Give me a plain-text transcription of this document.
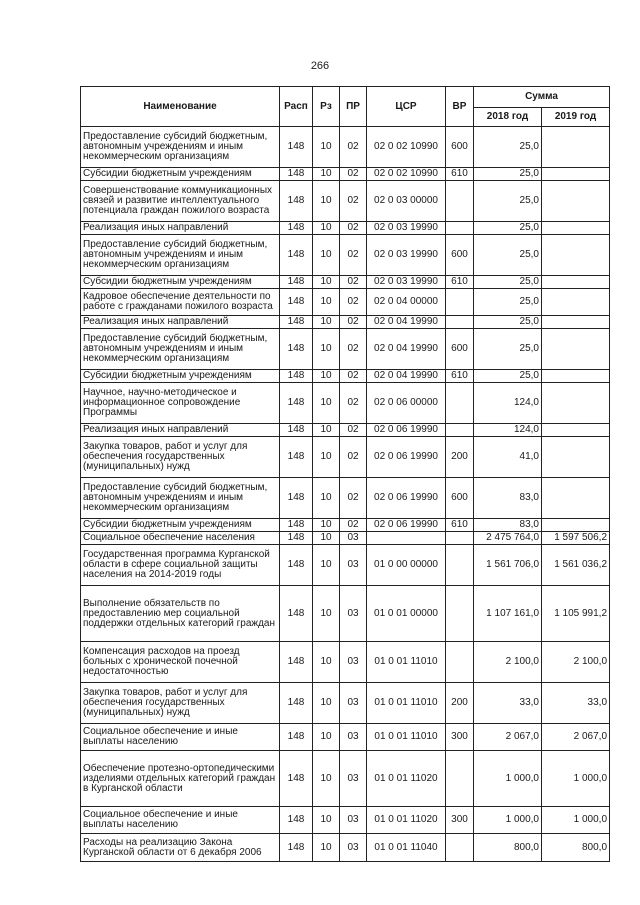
266
Наименование	Расп	Рз	ПР	ЦСР	ВР	Сумма	
						2018 год	2019 год
Предоставление субсидий бюджетным, автономным учреждениям и иным некоммерческим организациям	148	10	02	02 0 02 10990	600	25,0	
Субсидии бюджетным учреждениям	148	10	02	02 0 02 10990	610	25,0	
Совершенствование коммуникационных связей и развитие интеллектуального потенциала граждан пожилого возраста	148	10	02	02 0 03 00000		25,0	
Реализация иных направлений	148	10	02	02 0 03 19990		25,0	
Предоставление субсидий бюджетным, автономным учреждениям и иным некоммерческим организациям	148	10	02	02 0 03 19990	600	25,0	
Субсидии бюджетным учреждениям	148	10	02	02 0 03 19990	610	25,0	
Кадровое обеспечение деятельности по работе с гражданами пожилого возраста	148	10	02	02 0 04 00000		25,0	
Реализация иных направлений	148	10	02	02 0 04 19990		25,0	
Предоставление субсидий бюджетным, автономным учреждениям и иным некоммерческим организациям	148	10	02	02 0 04 19990	600	25,0	
Субсидии бюджетным учреждениям	148	10	02	02 0 04 19990	610	25,0	
Научное, научно-методическое и информационное сопровождение Программы	148	10	02	02 0 06 00000		124,0	
Реализация иных направлений	148	10	02	02 0 06 19990		124,0	
Закупка товаров, работ и услуг для обеспечения государственных (муниципальных) нужд	148	10	02	02 0 06 19990	200	41,0	
Предоставление субсидий бюджетным, автономным учреждениям и иным некоммерческим организациям	148	10	02	02 0 06 19990	600	83,0	
Субсидии бюджетным учреждениям	148	10	02	02 0 06 19990	610	83,0	
Социальное обеспечение населения	148	10	03			2 475 764,0	1 597 506,2
Государственная программа Курганской области в сфере социальной защиты населения на 2014-2019 годы	148	10	03	01 0 00 00000		1 561 706,0	1 561 036,2
Выполнение обязательств по предоставлению мер социальной поддержки отдельных категорий граждан	148	10	03	01 0 01 00000		1 107 161,0	1 105 991,2
Компенсация расходов на проезд больных с хронической почечной недостаточностью	148	10	03	01 0 01 11010		2 100,0	2 100,0
Закупка товаров, работ и услуг для обеспечения государственных (муниципальных) нужд	148	10	03	01 0 01 11010	200	33,0	33,0
Социальное обеспечение и иные выплаты населению	148	10	03	01 0 01 11010	300	2 067,0	2 067,0
Обеспечение протезно-ортопедическими изделиями отдельных категорий граждан в Курганской области	148	10	03	01 0 01 11020		1 000,0	1 000,0
Социальное обеспечение и иные выплаты населению	148	10	03	01 0 01 11020	300	1 000,0	1 000,0
Расходы на реализацию Закона Курганской области от 6 декабря 2006	148	10	03	01 0 01 11040		800,0	800,0
